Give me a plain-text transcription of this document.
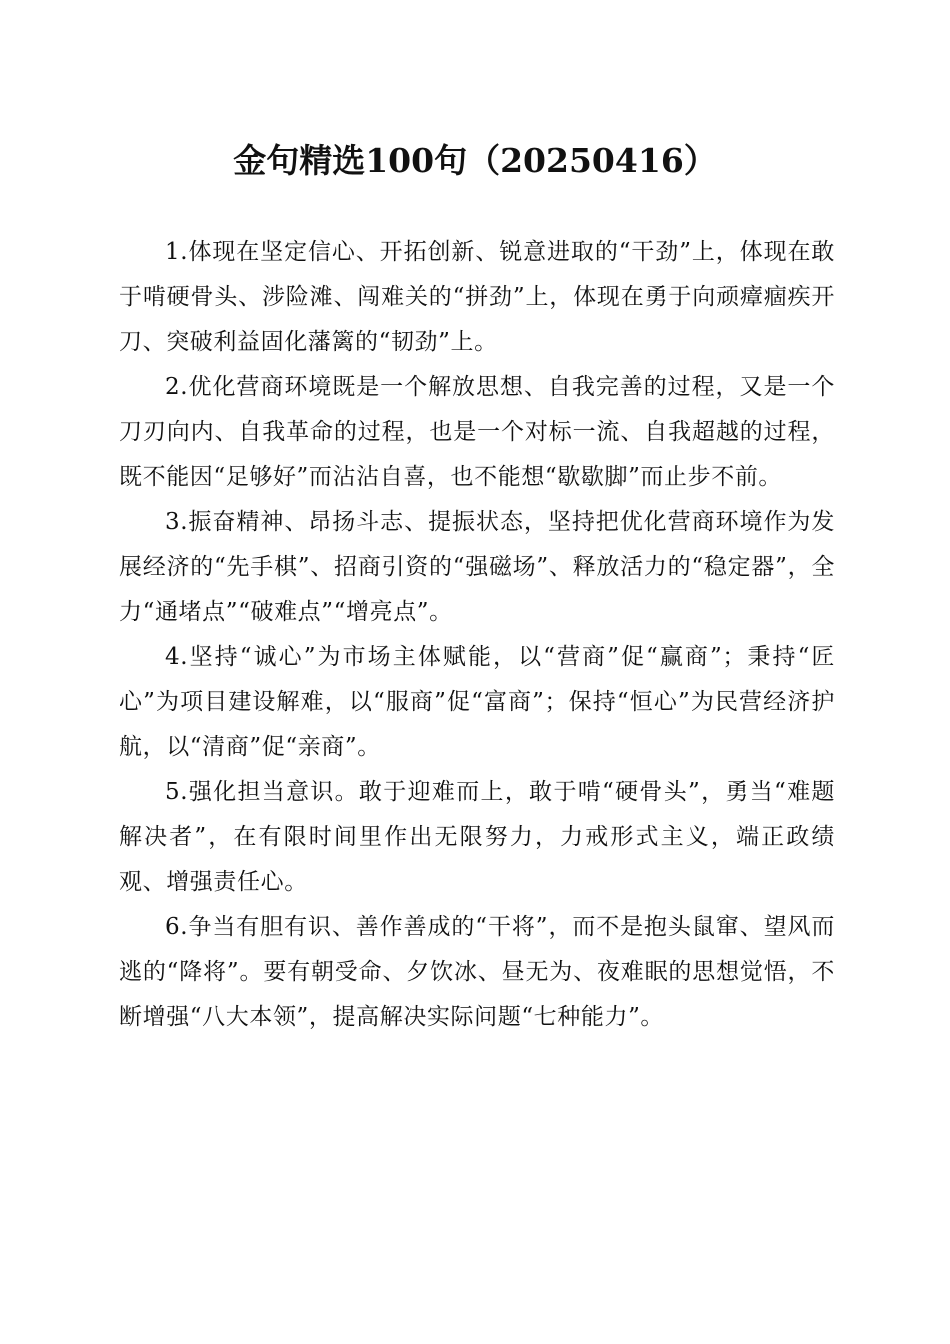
金句精选100句（20250416）

1.体现在坚定信心、开拓创新、锐意进取的“干劲”上，体现在敢于啃硬骨头、涉险滩、闯难关的“拼劲”上，体现在勇于向顽瘴痼疾开刀、突破利益固化藩篱的“韧劲”上。

2.优化营商环境既是一个解放思想、自我完善的过程，又是一个刀刃向内、自我革命的过程，也是一个对标一流、自我超越的过程，既不能因“足够好”而沾沾自喜，也不能想“歇歇脚”而止步不前。

3.振奋精神、昂扬斗志、提振状态，坚持把优化营商环境作为发展经济的“先手棋”、招商引资的“强磁场”、释放活力的“稳定器”，全力“通堵点”“破难点”“增亮点”。

4.坚持“诚心”为市场主体赋能，以“营商”促“赢商”；秉持“匠心”为项目建设解难，以“服商”促“富商”；保持“恒心”为民营经济护航，以“清商”促“亲商”。

5.强化担当意识。敢于迎难而上，敢于啃“硬骨头”，勇当“难题解决者”，在有限时间里作出无限努力，力戒形式主义，端正政绩观、增强责任心。

6.争当有胆有识、善作善成的“干将”，而不是抱头鼠窜、望风而逃的“降将”。要有朝受命、夕饮冰、昼无为、夜难眠的思想觉悟，不断增强“八大本领”，提高解决实际问题“七种能力”。
